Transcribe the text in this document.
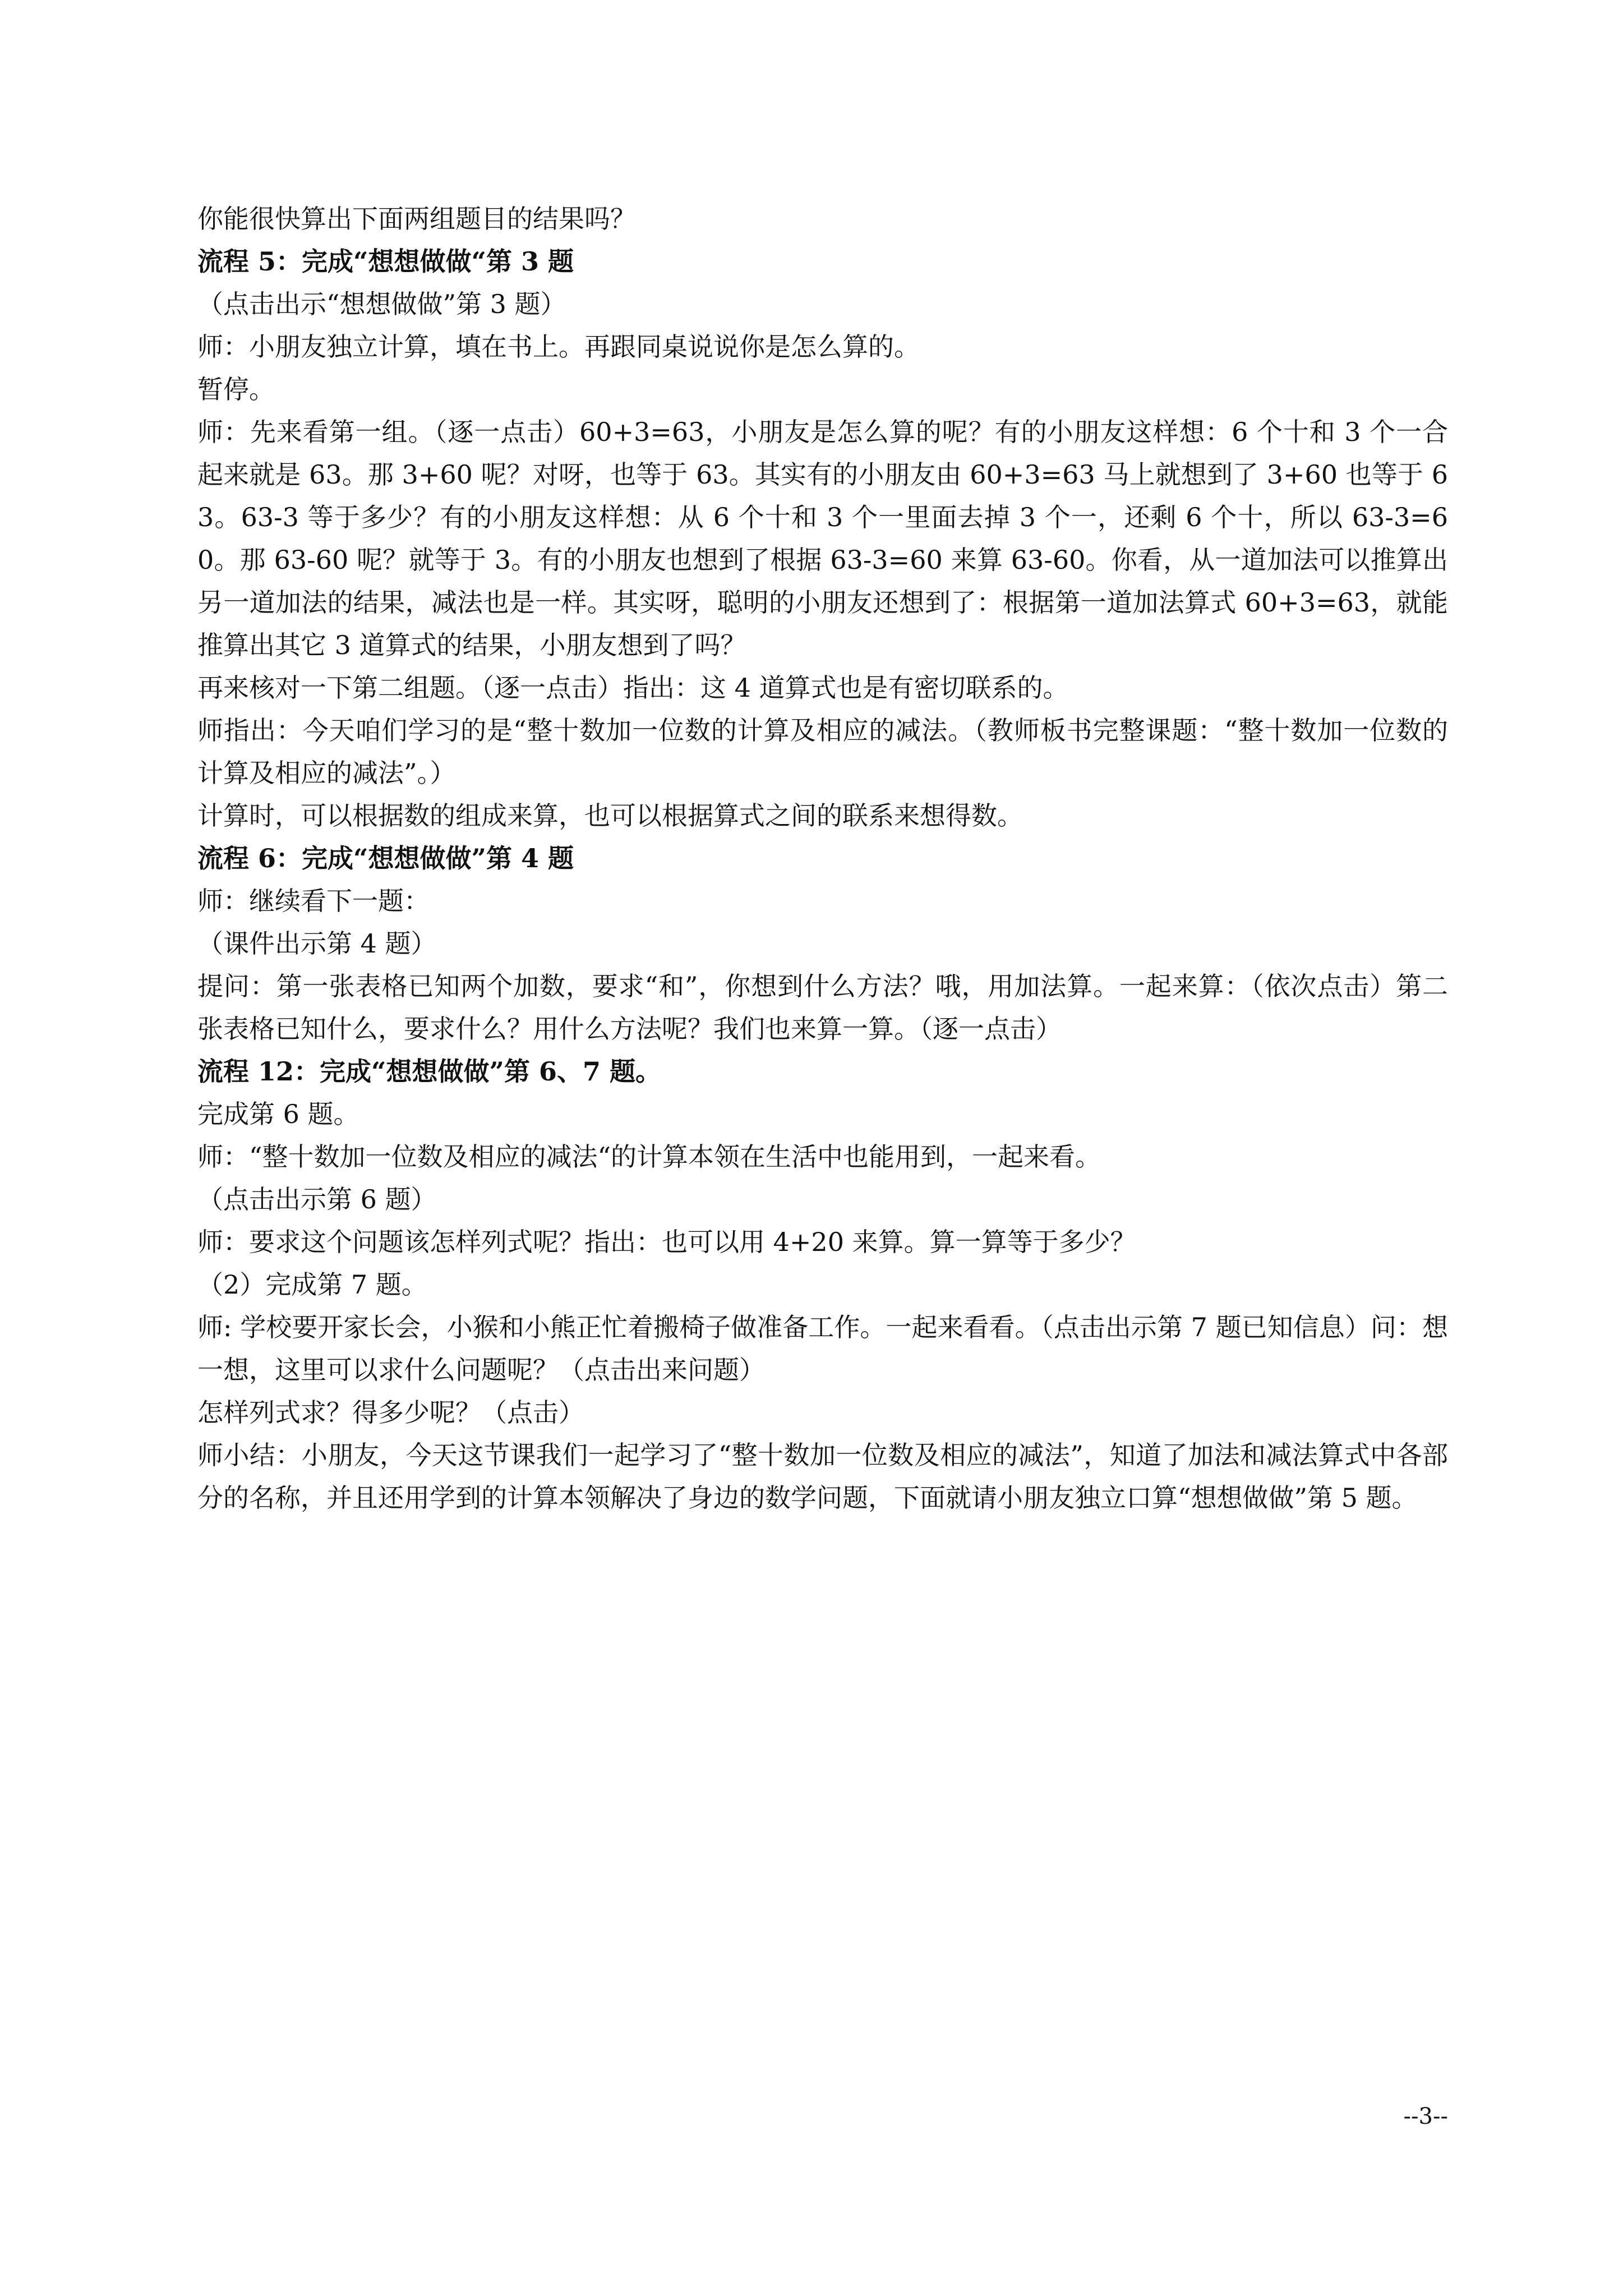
你能很快算出下面两组题目的结果吗？

流程 5：完成“想想做做“第 3 题

（点击出示“想想做做”第 3 题）

师：小朋友独立计算，填在书上。再跟同桌说说你是怎么算的。

暂停。

师：先来看第一组。（逐一点击）60+3=63，小朋友是怎么算的呢？有的小朋友这样想：6 个十和 3 个一合起来就是 63。那 3+60 呢？对呀，也等于 63。其实有的小朋友由 60+3=63 马上就想到了 3+60 也等于 63。63-3 等于多少？有的小朋友这样想：从 6 个十和 3 个一里面去掉 3 个一，还剩 6 个十，所以 63-3=60。那 63-60 呢？就等于 3。有的小朋友也想到了根据 63-3=60 来算 63-60。你看，从一道加法可以推算出另一道加法的结果，减法也是一样。其实呀，聪明的小朋友还想到了：根据第一道加法算式 60+3=63，就能推算出其它 3 道算式的结果，小朋友想到了吗？

再来核对一下第二组题。（逐一点击）指出：这 4 道算式也是有密切联系的。

师指出：今天咱们学习的是“整十数加一位数的计算及相应的减法。（教师板书完整课题：“整十数加一位数的计算及相应的减法”。）

计算时，可以根据数的组成来算，也可以根据算式之间的联系来想得数。

流程 6：完成“想想做做”第 4 题

师：继续看下一题：

（课件出示第 4 题）

提问：第一张表格已知两个加数，要求“和”，你想到什么方法？哦，用加法算。一起来算：（依次点击）第二张表格已知什么，要求什么？用什么方法呢？我们也来算一算。（逐一点击）

流程 12：完成“想想做做”第 6、7 题。

完成第 6 题。

师：“整十数加一位数及相应的减法“的计算本领在生活中也能用到，一起来看。

（点击出示第 6 题）

师：要求这个问题该怎样列式呢？指出：也可以用 4+20 来算。算一算等于多少？

（2）完成第 7 题。

师: 学校要开家长会，小猴和小熊正忙着搬椅子做准备工作。一起来看看。（点击出示第 7 题已知信息）问：想一想，这里可以求什么问题呢？（点击出来问题）

怎样列式求？得多少呢？（点击）

师小结：小朋友，今天这节课我们一起学习了“整十数加一位数及相应的减法”，知道了加法和减法算式中各部分的名称，并且还用学到的计算本领解决了身边的数学问题，下面就请小朋友独立口算“想想做做”第 5 题。

--3--
